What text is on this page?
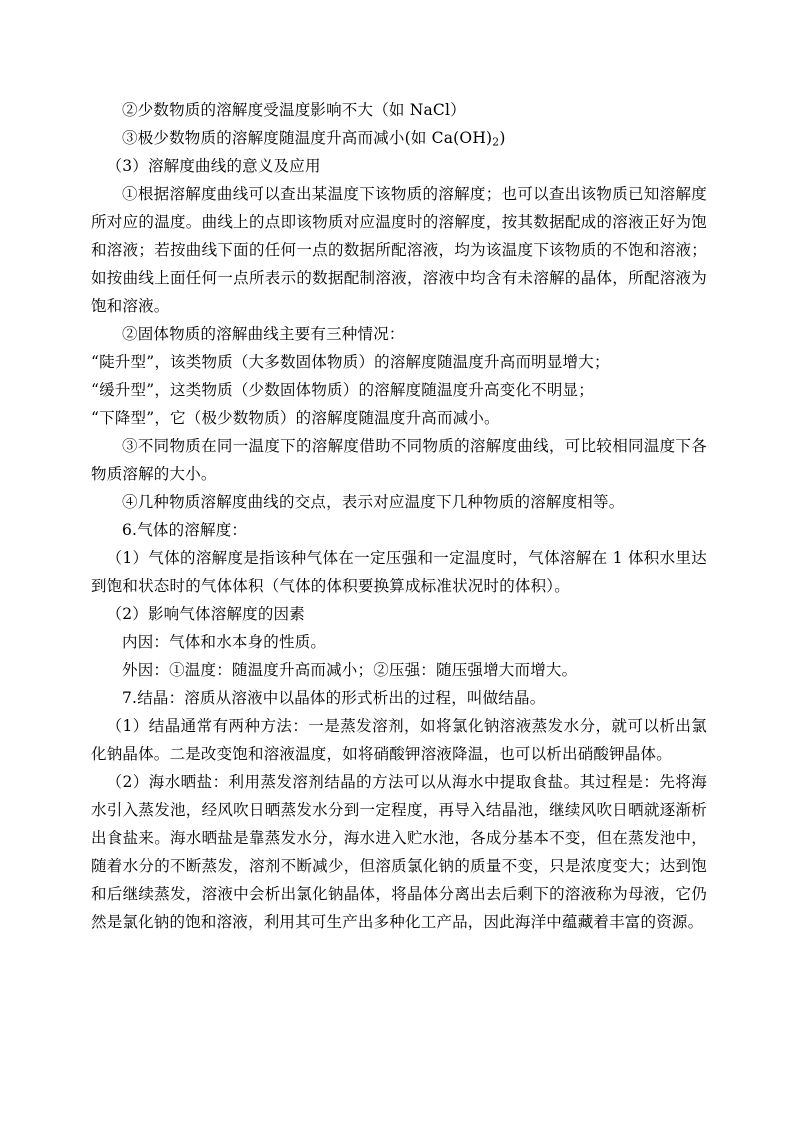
②少数物质的溶解度受温度影响不大（如 NaCl）

③极少数物质的溶解度随温度升高而减小(如 $Ca(OH)_2$)

（3）溶解度曲线的意义及应用

①根据溶解度曲线可以查出某温度下该物质的溶解度；也可以查出该物质已知溶解度所对应的温度。曲线上的点即该物质对应温度时的溶解度，按其数据配成的溶液正好为饱和溶液；若按曲线下面的任何一点的数据所配溶液，均为该温度下该物质的不饱和溶液；如按曲线上面任何一点所表示的数据配制溶液，溶液中均含有未溶解的晶体，所配溶液为饱和溶液。

②固体物质的溶解曲线主要有三种情况：

“陡升型”，该类物质（大多数固体物质）的溶解度随温度升高而明显增大；

“缓升型”，这类物质（少数固体物质）的溶解度随温度升高变化不明显；

“下降型”，它（极少数物质）的溶解度随温度升高而减小。

③不同物质在同一温度下的溶解度借助不同物质的溶解度曲线，可比较相同温度下各物质溶解的大小。

④几种物质溶解度曲线的交点，表示对应温度下几种物质的溶解度相等。

6.气体的溶解度：

（1）气体的溶解度是指该种气体在一定压强和一定温度时，气体溶解在 1 体积水里达到饱和状态时的气体体积（气体的体积要换算成标准状况时的体积）。

（2）影响气体溶解度的因素

内因：气体和水本身的性质。

外因：①温度：随温度升高而减小；②压强：随压强增大而增大。

7.结晶：溶质从溶液中以晶体的形式析出的过程，叫做结晶。

（1）结晶通常有两种方法：一是蒸发溶剂，如将氯化钠溶液蒸发水分，就可以析出氯化钠晶体。二是改变饱和溶液温度，如将硝酸钾溶液降温，也可以析出硝酸钾晶体。

（2）海水晒盐：利用蒸发溶剂结晶的方法可以从海水中提取食盐。其过程是：先将海水引入蒸发池，经风吹日晒蒸发水分到一定程度，再导入结晶池，继续风吹日晒就逐渐析出食盐来。海水晒盐是靠蒸发水分，海水进入贮水池，各成分基本不变，但在蒸发池中，随着水分的不断蒸发，溶剂不断减少，但溶质氯化钠的质量不变，只是浓度变大；达到饱和后继续蒸发，溶液中会析出氯化钠晶体，将晶体分离出去后剩下的溶液称为母液，它仍然是氯化钠的饱和溶液，利用其可生产出多种化工产品，因此海洋中蕴藏着丰富的资源。
